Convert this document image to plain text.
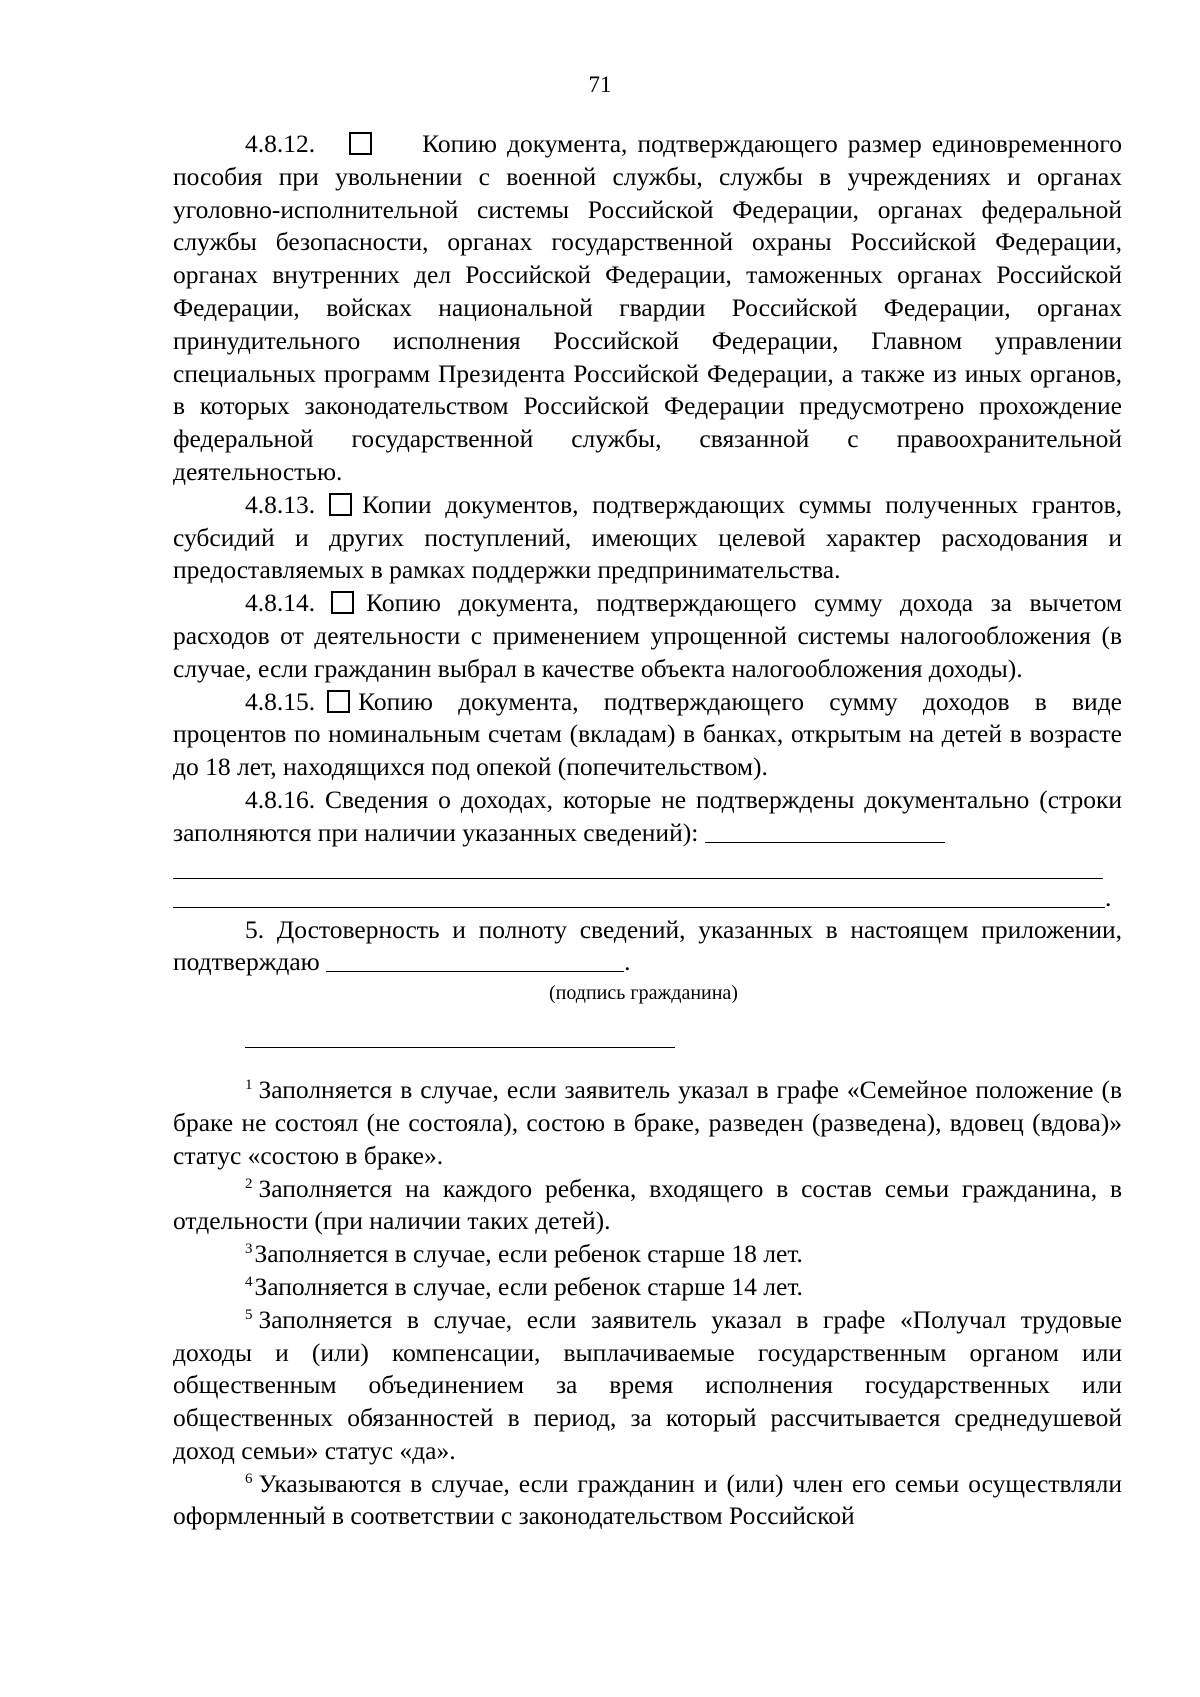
71

4.8.12.	Копию документа, подтверждающего размер единовременного пособия при увольнении с военной службы, службы в учреждениях и органах уголовно-исполнительной системы Российской Федерации, органах федеральной службы безопасности, органах государственной охраны Российской Федерации, органах внутренних дел Российской Федерации, таможенных органах Российской Федерации, войсках национальной гвардии Российской Федерации, органах принудительного исполнения Российской Федерации, Главном управлении специальных программ Президента Российской Федерации, а также из иных органов, в которых законодательством Российской Федерации предусмотрено прохождение федеральной государственной службы, связанной с правоохранительной деятельностью.

4.8.13. Копии документов, подтверждающих суммы полученных грантов, субсидий и других поступлений, имеющих целевой характер расходования и предоставляемых в рамках поддержки предпринимательства.

4.8.14. Копию документа, подтверждающего сумму дохода за вычетом расходов от деятельности с применением упрощенной системы налогообложения (в случае, если гражданин выбрал в качестве объекта налогообложения доходы).

4.8.15. Копию документа, подтверждающего сумму доходов в виде процентов по номинальным счетам (вкладам) в банках, открытым на детей в возрасте до 18 лет, находящихся под опекой (попечительством).

4.8.16. Сведения о доходах, которые не подтверждены документально (строки заполняются при наличии указанных сведений):

.

5. Достоверность и полноту сведений, указанных в настоящем приложении, подтверждаю	.

(подпись гражданина)

$^1$ Заполняется в случае, если заявитель указал в графе «Семейное положение (в браке не состоял (не состояла), состою в браке, разведен (разведена), вдовец (вдова)» статус «состою в браке».

$^2$ Заполняется на каждого ребенка, входящего в состав семьи гражданина, в отдельности (при наличии таких детей).

$^3$Заполняется в случае, если ребенок старше 18 лет.

$^4$Заполняется в случае, если ребенок старше 14 лет.

$^5$ Заполняется в случае, если заявитель указал в графе «Получал трудовые доходы и (или) компенсации, выплачиваемые государственным органом или общественным объединением за время исполнения государственных или общественных обязанностей в период, за который рассчитывается среднедушевой доход семьи» статус «да».

$^6$ Указываются в случае, если гражданин и (или) член его семьи осуществляли оформленный в соответствии с законодательством Российской
